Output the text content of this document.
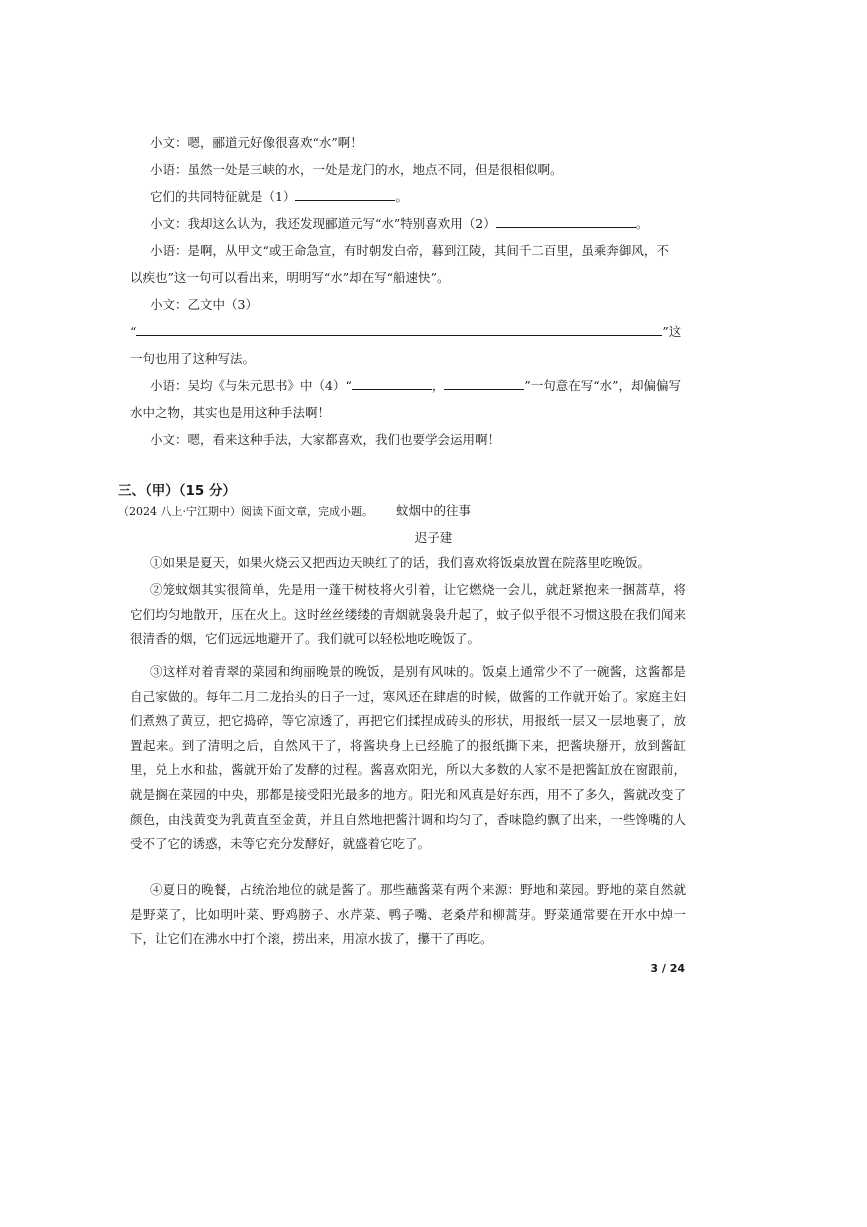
小文：嗯，郦道元好像很喜欢“水”啊！
小语：虽然一处是三峡的水，一处是龙门的水，地点不同，但是很相似啊。
它们的共同特征就是（1）	。
小文：我却这么认为，我还发现郦道元写“水”特别喜欢用（2）	。
小语：是啊，从甲文“或王命急宣，有时朝发白帝，暮到江陵，其间千二百里，虽乘奔御风，不
以疾也”这一句可以看出来，明明写“水”却在写“船速快”。
小文：乙文中（3）
“	”这
一句也用了这种写法。
小语：吴均《与朱元思书》中（4）“	，	”一句意在写“水”，却偏偏写
水中之物，其实也是用这种手法啊！
小文：嗯，看来这种手法，大家都喜欢，我们也要学会运用啊！
三、（甲）（15 分）
（2024 八上·宁江期中）阅读下面文章，完成小题。	蚊烟中的往事
迟子建
①如果是夏天，如果火烧云又把西边天映红了的话，我们喜欢将饭桌放置在院落里吃晚饭。
②笼蚊烟其实很简单，先是用一蓬干树枝将火引着，让它燃烧一会儿，就赶紧抱来一捆蒿草，将它们均匀地散开，压在火上。这时丝丝缕缕的青烟就袅袅升起了，蚊子似乎很不习惯这股在我们闻来很清香的烟，它们远远地避开了。我们就可以轻松地吃晚饭了。
③这样对着青翠的菜园和绚丽晚景的晚饭，是别有风味的。饭桌上通常少不了一碗酱，这酱都是自己家做的。每年二月二龙抬头的日子一过，寒风还在肆虐的时候，做酱的工作就开始了。家庭主妇们煮熟了黄豆，把它捣碎，等它凉透了，再把它们揉捏成砖头的形状，用报纸一层又一层地裹了，放置起来。到了清明之后，自然风干了，将酱块身上已经脆了的报纸撕下来，把酱块掰开，放到酱缸里，兑上水和盐，酱就开始了发酵的过程。酱喜欢阳光，所以大多数的人家不是把酱缸放在窗跟前，就是搁在菜园的中央，那都是接受阳光最多的地方。阳光和风真是好东西，用不了多久，酱就改变了颜色，由浅黄变为乳黄直至金黄，并且自然地把酱汁调和均匀了，香味隐约飘了出来，一些馋嘴的人受不了它的诱惑，未等它充分发酵好，就盛着它吃了。
④夏日的晚餐，占统治地位的就是酱了。那些蘸酱菜有两个来源：野地和菜园。野地的菜自然就是野菜了，比如明叶菜、野鸡膀子、水芹菜、鸭子嘴、老桑芹和柳蒿芽。野菜通常要在开水中焯一下，让它们在沸水中打个滚，捞出来，用凉水拔了，攥干了再吃。
3 / 24
